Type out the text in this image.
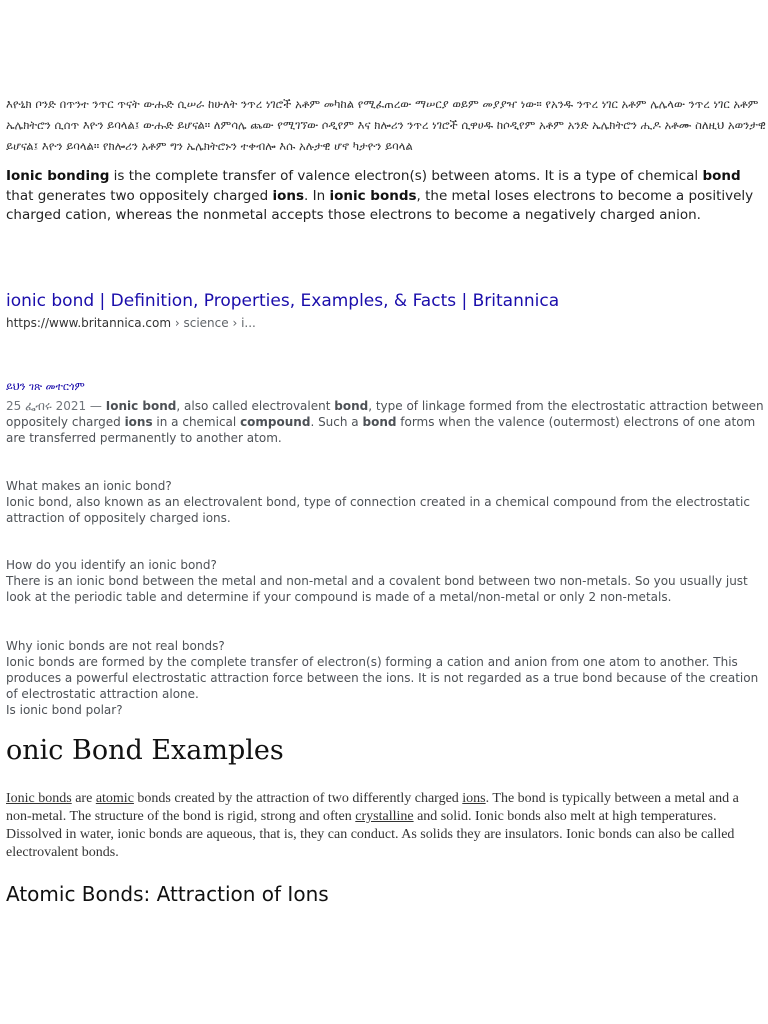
እዮኒክ ቦንድ በጥንተ ንጥር ጥናት ውሑድ ሲሠራ ከሁለት ንጥረ ነገሮች አቶም መካከል የሚፈጠረው ማሠርያ ወይም መያያዣ ነው። የአንዱ ንጥረ ነገር አቶም ሌሌላው ንጥረ ነገር አቶም ኤሌክትሮን ሲሰጥ እዮን ይባላል፤ ውሑድ ይሆናል። ለምሳሌ ጨው የሚገኘው ሶዲየም እና ክሎሪን ንጥረ ነገሮች ሲዋሀዱ ከሶዲየም አቶም አንድ ኤሌክትሮን ሒዶ አቶሙ ስለዚህ አወንታዊ ይሆናል፤ እዮን ይባላል። የክሎሪን አቶም ግን ኤሌክትሮኑን ተቀብሎ እሱ አሉታዊ ሆኖ ካታዮን ይባላል

Ionic bonding is the complete transfer of valence electron(s) between atoms. It is a type of chemical bond that generates two oppositely charged ions. In ionic bonds, the metal loses electrons to become a positively charged cation, whereas the nonmetal accepts those electrons to become a negatively charged anion.

ionic bond | Definition, Properties, Examples, & Facts | Britannica
https://www.britannica.com › science › i...
ይህን ገጽ መተርጎም

25 ፌብሩ 2021 — Ionic bond, also called electrovalent bond, type of linkage formed from the electrostatic attraction between oppositely charged ions in a chemical compound. Such a bond forms when the valence (outermost) electrons of one atom are transferred permanently to another atom.

What makes an ionic bond?

Ionic bond, also known as an electrovalent bond, type of connection created in a chemical compound from the electrostatic attraction of oppositely charged ions.

How do you identify an ionic bond?

There is an ionic bond between the metal and non-metal and a covalent bond between two non-metals. So you usually just look at the periodic table and determine if your compound is made of a metal/non-metal or only 2 non-metals.

Why ionic bonds are not real bonds?

Ionic bonds are formed by the complete transfer of electron(s) forming a cation and anion from one atom to another. This produces a powerful electrostatic attraction force between the ions. It is not regarded as a true bond because of the creation of electrostatic attraction alone.

Is ionic bond polar?

onic Bond Examples

Ionic bonds are atomic bonds created by the attraction of two differently charged ions. The bond is typically between a metal and a non-metal. The structure of the bond is rigid, strong and often crystalline and solid. Ionic bonds also melt at high temperatures. Dissolved in water, ionic bonds are aqueous, that is, they can conduct. As solids they are insulators. Ionic bonds can also be called electrovalent bonds.

Atomic Bonds: Attraction of Ions
